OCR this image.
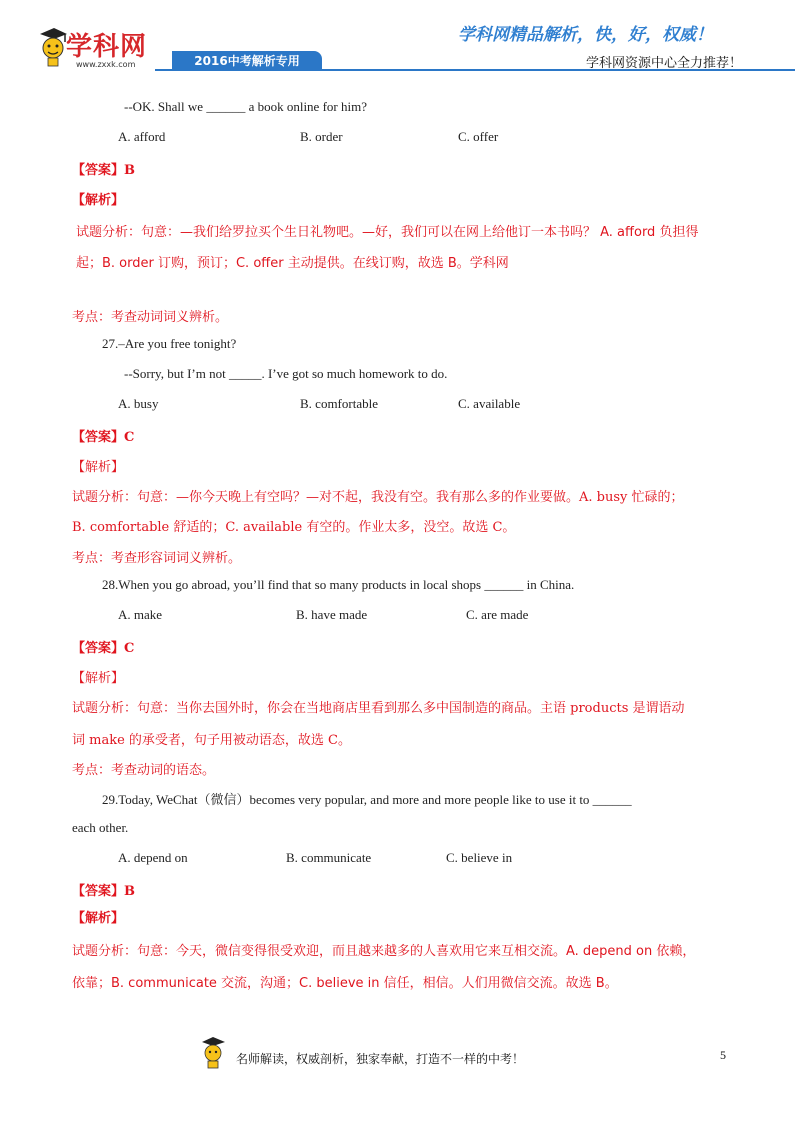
学科网
www.zxxk.com	2016中考解析专用
学科网精品解析，快，好，权威！
学科网资源中心全力推荐！
--OK. Shall we ______ a book online for him?
A. afford	B. order	C. offer
【答案】B
【解析】
试题分析：句意：—我们给罗拉买个生日礼物吧。—好，我们可以在网上给他订一本书吗？ A. afford 负担得
起；B. order 订购，预订；C. offer 主动提供。在线订购，故选 B。学科网
考点：考查动词词义辨析。
27.–Are you free tonight?
--Sorry, but I’m not _____. I’ve got so much homework to do.
A. busy	B. comfortable	C. available
【答案】C
【解析】
试题分析：句意：—你今天晚上有空吗？—对不起，我没有空。我有那么多的作业要做。A. busy 忙碌的；
B. comfortable 舒适的；C. available 有空的。作业太多，没空。故选 C。
考点：考查形容词词义辨析。
28.When you go abroad, you’ll find that so many products in local shops ______ in China.
A. make	B. have made	C. are made
【答案】C
【解析】
试题分析：句意：当你去国外时，你会在当地商店里看到那么多中国制造的商品。主语 products 是谓语动
词 make 的承受者，句子用被动语态，故选 C。
考点：考查动词的语态。
29.Today, WeChat（微信）becomes very popular, and more and more people like to use it to ______
each other.
A. depend on	B. communicate	C. believe in
【答案】B
【解析】
试题分析：句意：今天，微信变得很受欢迎，而且越来越多的人喜欢用它来互相交流。A. depend on 依赖，
依靠；B. communicate 交流，沟通；C. believe in 信任，相信。人们用微信交流。故选 B。
名师解读，权威剖析，独家奉献，打造不一样的中考！	5
